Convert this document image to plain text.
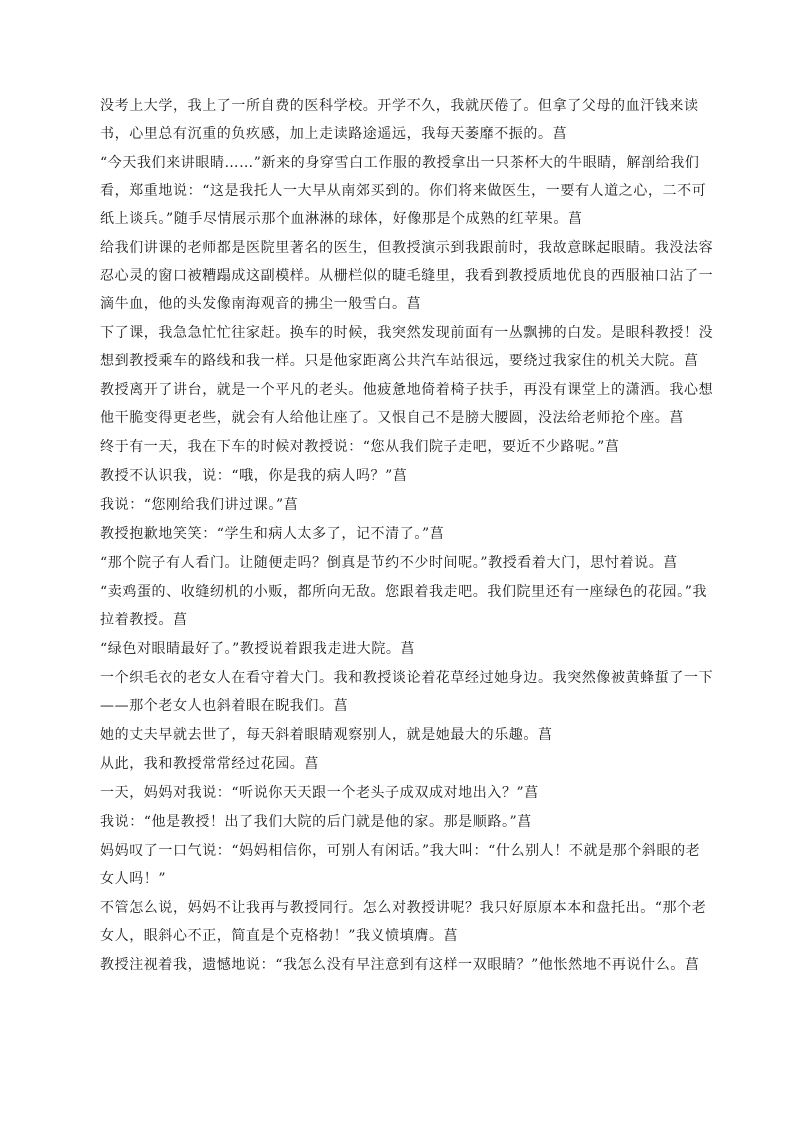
没考上大学，我上了一所自费的医科学校。开学不久，我就厌倦了。但拿了父母的血汗钱来读书，心里总有沉重的负疚感，加上走读路途遥远，我每天萎靡不振的。菖

“今天我们来讲眼睛……”新来的身穿雪白工作服的教授拿出一只茶杯大的牛眼睛，解剖给我们看，郑重地说：“这是我托人一大早从南郊买到的。你们将来做医生，一要有人道之心，二不可纸上谈兵。”随手尽情展示那个血淋淋的球体，好像那是个成熟的红苹果。菖

给我们讲课的老师都是医院里著名的医生，但教授演示到我跟前时，我故意眯起眼睛。我没法容忍心灵的窗口被糟蹋成这副模样。从栅栏似的睫毛缝里，我看到教授质地优良的西服袖口沾了一滴牛血，他的头发像南海观音的拂尘一般雪白。菖

下了课，我急急忙忙往家赶。换车的时候，我突然发现前面有一丛飘拂的白发。是眼科教授！没想到教授乘车的路线和我一样。只是他家距离公共汽车站很远，要绕过我家住的机关大院。菖

教授离开了讲台，就是一个平凡的老头。他疲惫地倚着椅子扶手，再没有课堂上的潇洒。我心想他干脆变得更老些，就会有人给他让座了。又恨自己不是膀大腰圆，没法给老师抢个座。菖

终于有一天，我在下车的时候对教授说：“您从我们院子走吧，要近不少路呢。”菖

教授不认识我，说：“哦，你是我的病人吗？”菖

我说：“您刚给我们讲过课。”菖

教授抱歉地笑笑：“学生和病人太多了，记不清了。”菖

“那个院子有人看门。让随便走吗？倒真是节约不少时间呢。”教授看着大门，思忖着说。菖

“卖鸡蛋的、收缝纫机的小贩，都所向无敌。您跟着我走吧。我们院里还有一座绿色的花园。”我拉着教授。菖

“绿色对眼睛最好了。”教授说着跟我走进大院。菖

一个织毛衣的老女人在看守着大门。我和教授谈论着花草经过她身边。我突然像被黄蜂蜇了一下——那个老女人也斜着眼在睨我们。菖

她的丈夫早就去世了，每天斜着眼睛观察别人，就是她最大的乐趣。菖

从此，我和教授常常经过花园。菖

一天，妈妈对我说：“听说你天天跟一个老头子成双成对地出入？”菖

我说：“他是教授！出了我们大院的后门就是他的家。那是顺路。”菖

妈妈叹了一口气说：“妈妈相信你，可别人有闲话。”我大叫：“什么别人！不就是那个斜眼的老女人吗！”

不管怎么说，妈妈不让我再与教授同行。怎么对教授讲呢？我只好原原本本和盘托出。“那个老女人，眼斜心不正，简直是个克格勃！”我义愤填膺。菖

教授注视着我，遗憾地说：“我怎么没有早注意到有这样一双眼睛？”他怅然地不再说什么。菖
